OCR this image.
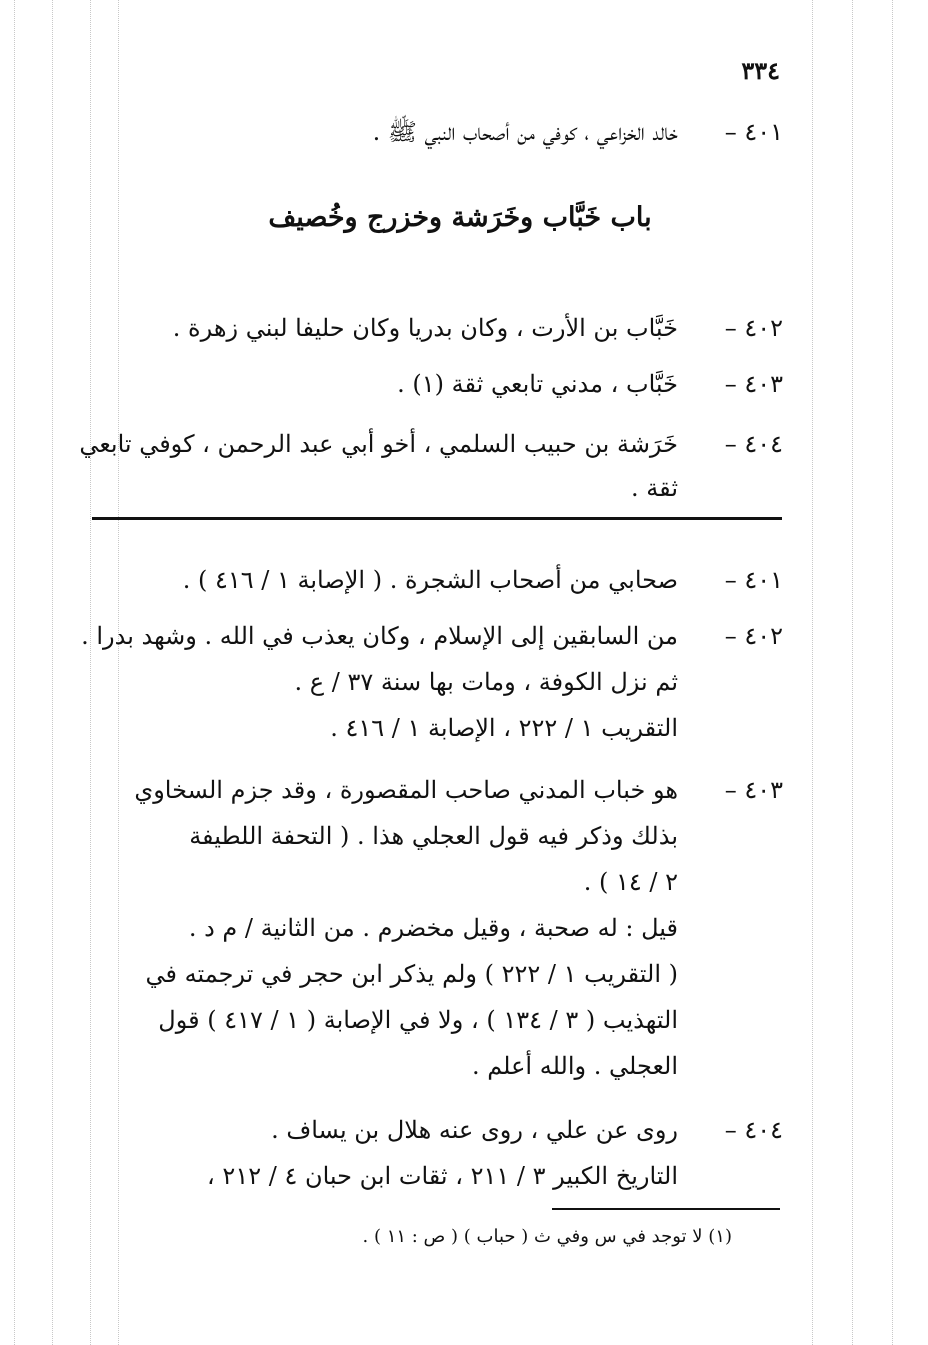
٣٣٤
٤٠١ –
خالد الخزاعي ، كوفي من أصحاب النبي ﷺ .
باب خَبَّاب وخَرَشة وخزرج وخُصيف
٤٠٢ –
خَبَّاب بن الأرت ، وكان بدريا وكان حليفا لبني زهرة .
٤٠٣ –
خَبَّاب ، مدني تابعي ثقة (١) .
٤٠٤ –
خَرَشة بن حبيب السلمي ، أخو أبي عبد الرحمن ، كوفي تابعي
ثقة .
٤٠١ –
صحابي من أصحاب الشجرة . ( الإصابة ١ / ٤١٦ ) .
٤٠٢ –
من السابقين إلى الإسلام ، وكان يعذب في الله . وشهد بدرا .
ثم نزل الكوفة ، ومات بها سنة ٣٧ / ع .
التقريب ١ / ٢٢٢ ، الإصابة ١ / ٤١٦ .
٤٠٣ –
هو خباب المدني صاحب المقصورة ، وقد جزم السخاوي
بذلك وذكر فيه قول العجلي هذا . ( التحفة اللطيفة
٢ / ١٤ ) .
قيل : له صحبة ، وقيل مخضرم . من الثانية / م د .
( التقريب ١ / ٢٢٢ ) ولم يذكر ابن حجر في ترجمته في
التهذيب ( ٣ / ١٣٤ ) ، ولا في الإصابة ( ١ / ٤١٧ ) قول
العجلي . والله أعلم .
٤٠٤ –
روى عن علي ، روى عنه هلال بن يساف .
التاريخ الكبير ٣ / ٢١١ ، ثقات ابن حبان ٤ / ٢١٢ ،
(١) لا توجد في س وفي ث ( حباب ) ( ص : ١١ ) .
